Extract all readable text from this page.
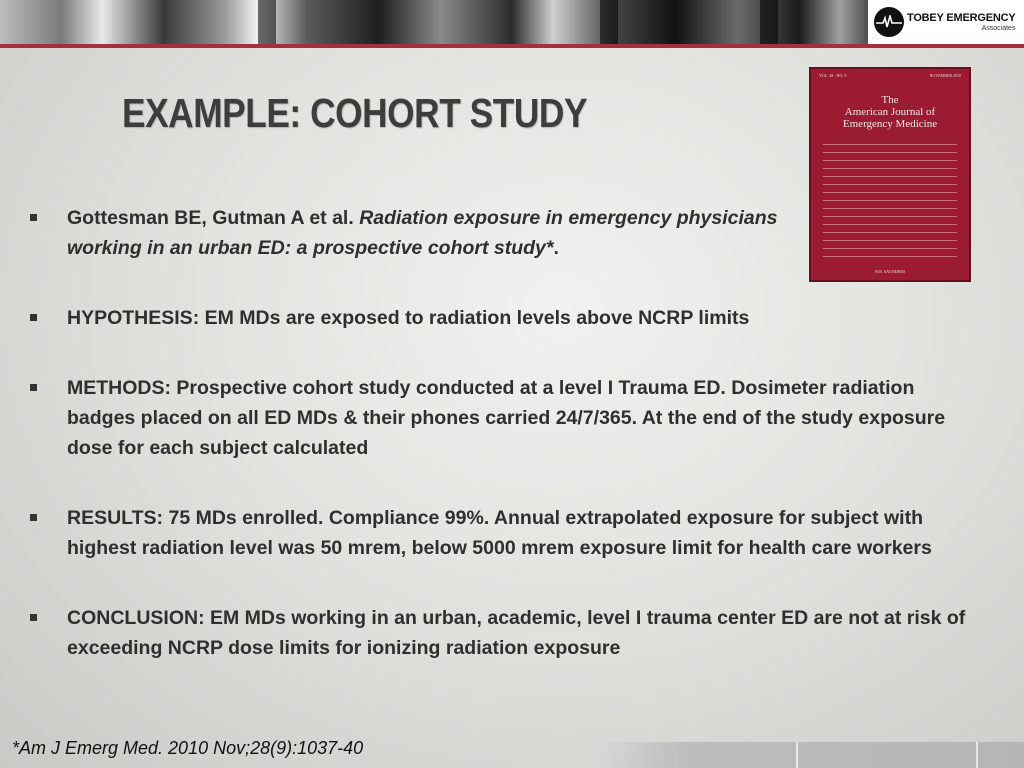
TOBEY EMERGENCY
Associates
EXAMPLE: COHORT STUDY
VOL. 28 · NO. 9	NOVEMBER 2010
The
American Journal of
Emergency Medicine
W.B. SAUNDERS
Gottesman BE, Gutman A et al. Radiation exposure in emergency physicians working in an urban ED: a prospective cohort study*.
HYPOTHESIS: EM MDs are exposed to radiation levels above NCRP limits
METHODS: Prospective cohort study conducted at a level I Trauma ED. Dosimeter radiation badges placed on all ED MDs & their phones carried 24/7/365. At the end of the study exposure dose for each subject calculated
RESULTS: 75 MDs enrolled. Compliance 99%. Annual extrapolated exposure for subject with highest radiation level was 50 mrem, below 5000 mrem exposure limit for health care workers
CONCLUSION: EM MDs working in an urban, academic, level I trauma center ED are not at risk of exceeding NCRP dose limits for ionizing radiation exposure
*Am J Emerg Med. 2010 Nov;28(9):1037-40
